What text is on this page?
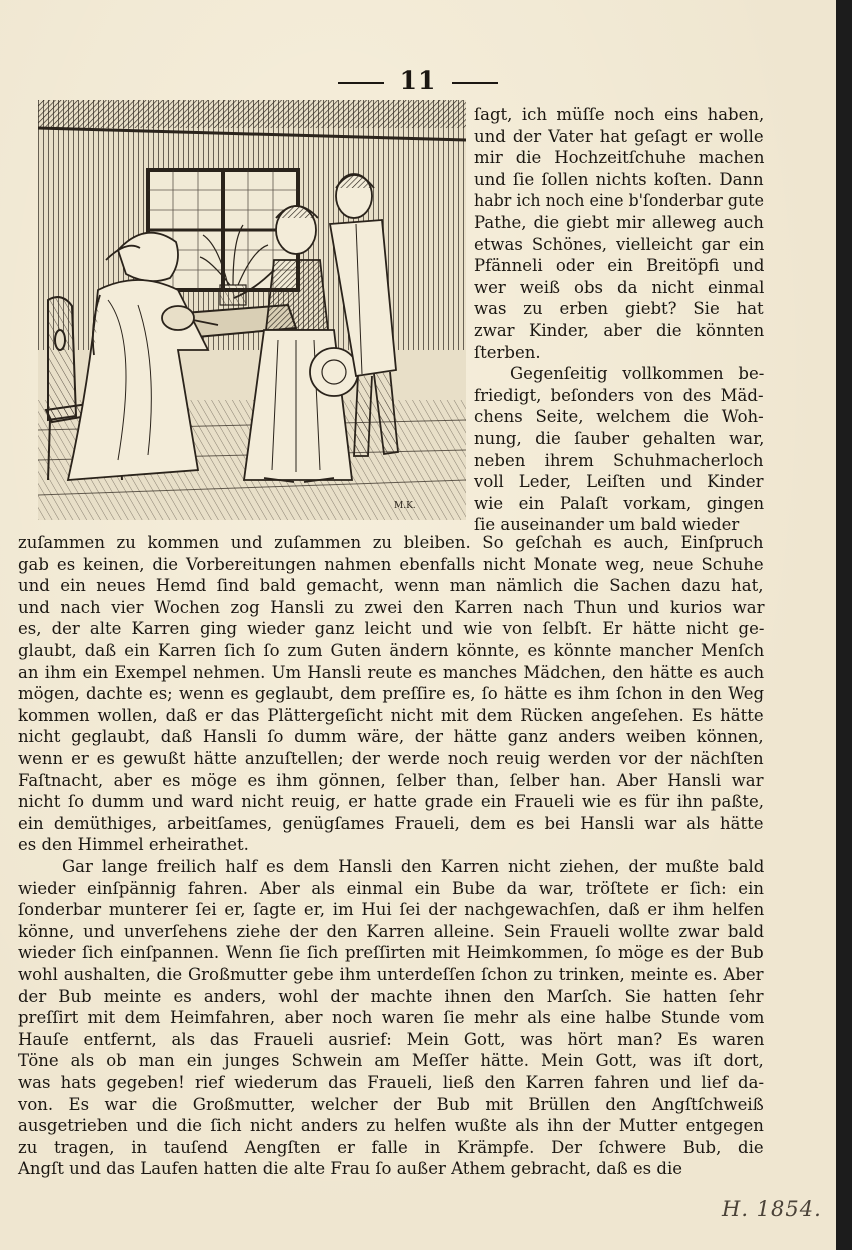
11
M.K.
ſagt, ich müſſe noch eins haben,
und der Vater hat geſagt er wolle
mir die Hochzeitſchuhe machen
und ſie ſollen nichts koſten. Dann
habr ich noch eine b'ſonderbar gute
Pathe, die giebt mir alleweg auch
etwas Schönes, vielleicht gar ein
Pfänneli oder ein Breitöpfi und
wer weiß obs da nicht einmal
was zu erben giebt? Sie hat
zwar Kinder, aber die könnten
ſterben.
Gegenſeitig vollkommen be-
friedigt, beſonders von des Mäd-
chens Seite, welchem die Woh-
nung, die ſauber gehalten war,
neben ihrem Schuhmacherloch
voll Leder, Leiſten und Kinder
wie ein Palaſt vorkam, gingen
ſie auseinander um bald wieder
zuſammen zu kommen und zuſammen zu bleiben. So geſchah es auch, Einſpruch
gab es keinen, die Vorbereitungen nahmen ebenfalls nicht Monate weg, neue Schuhe
und ein neues Hemd ſind bald gemacht, wenn man nämlich die Sachen dazu hat,
und nach vier Wochen zog Hansli zu zwei den Karren nach Thun und kurios war
es, der alte Karren ging wieder ganz leicht und wie von ſelbſt. Er hätte nicht ge-
glaubt, daß ein Karren ſich ſo zum Guten ändern könnte, es könnte mancher Menſch
an ihm ein Exempel nehmen. Um Hansli reute es manches Mädchen, den hätte es auch
mögen, dachte es; wenn es geglaubt, dem preſſire es, ſo hätte es ihm ſchon in den Weg
kommen wollen, daß er das Plättergeſicht nicht mit dem Rücken angeſehen. Es hätte
nicht geglaubt, daß Hansli ſo dumm wäre, der hätte ganz anders weiben können,
wenn er es gewußt hätte anzuſtellen; der werde noch reuig werden vor der nächſten
Faſtnacht, aber es möge es ihm gönnen, ſelber than, ſelber han. Aber Hansli war
nicht ſo dumm und ward nicht reuig, er hatte grade ein Fraueli wie es für ihn paßte,
ein demüthiges, arbeitſames, genügſames Fraueli, dem es bei Hansli war als hätte
es den Himmel erheirathet.
Gar lange freilich half es dem Hansli den Karren nicht ziehen, der mußte bald
wieder einſpännig fahren. Aber als einmal ein Bube da war, tröſtete er ſich: ein
ſonderbar munterer ſei er, ſagte er, im Hui ſei der nachgewachſen, daß er ihm helfen
könne, und unverſehens ziehe der den Karren alleine. Sein Fraueli wollte zwar bald
wieder ſich einſpannen. Wenn ſie ſich preſſirten mit Heimkommen, ſo möge es der Bub
wohl aushalten, die Großmutter gebe ihm unterdeſſen ſchon zu trinken, meinte es. Aber
der Bub meinte es anders, wohl der machte ihnen den Marſch. Sie hatten ſehr
preſſirt mit dem Heimfahren, aber noch waren ſie mehr als eine halbe Stunde vom
Hauſe entfernt, als das Fraueli ausrief: Mein Gott, was hört man? Es waren
Töne als ob man ein junges Schwein am Meſſer hätte. Mein Gott, was iſt dort,
was hats gegeben! rief wiederum das Fraueli, ließ den Karren fahren und lief da-
von. Es war die Großmutter, welcher der Bub mit Brüllen den Angſtſchweiß
ausgetrieben und die ſich nicht anders zu helfen wußte als ihn der Mutter entgegen
zu tragen, in tauſend Aengſten er falle in Krämpfe. Der ſchwere Bub, die
Angſt und das Laufen hatten die alte Frau ſo außer Athem gebracht, daß es die
H. 1854.
